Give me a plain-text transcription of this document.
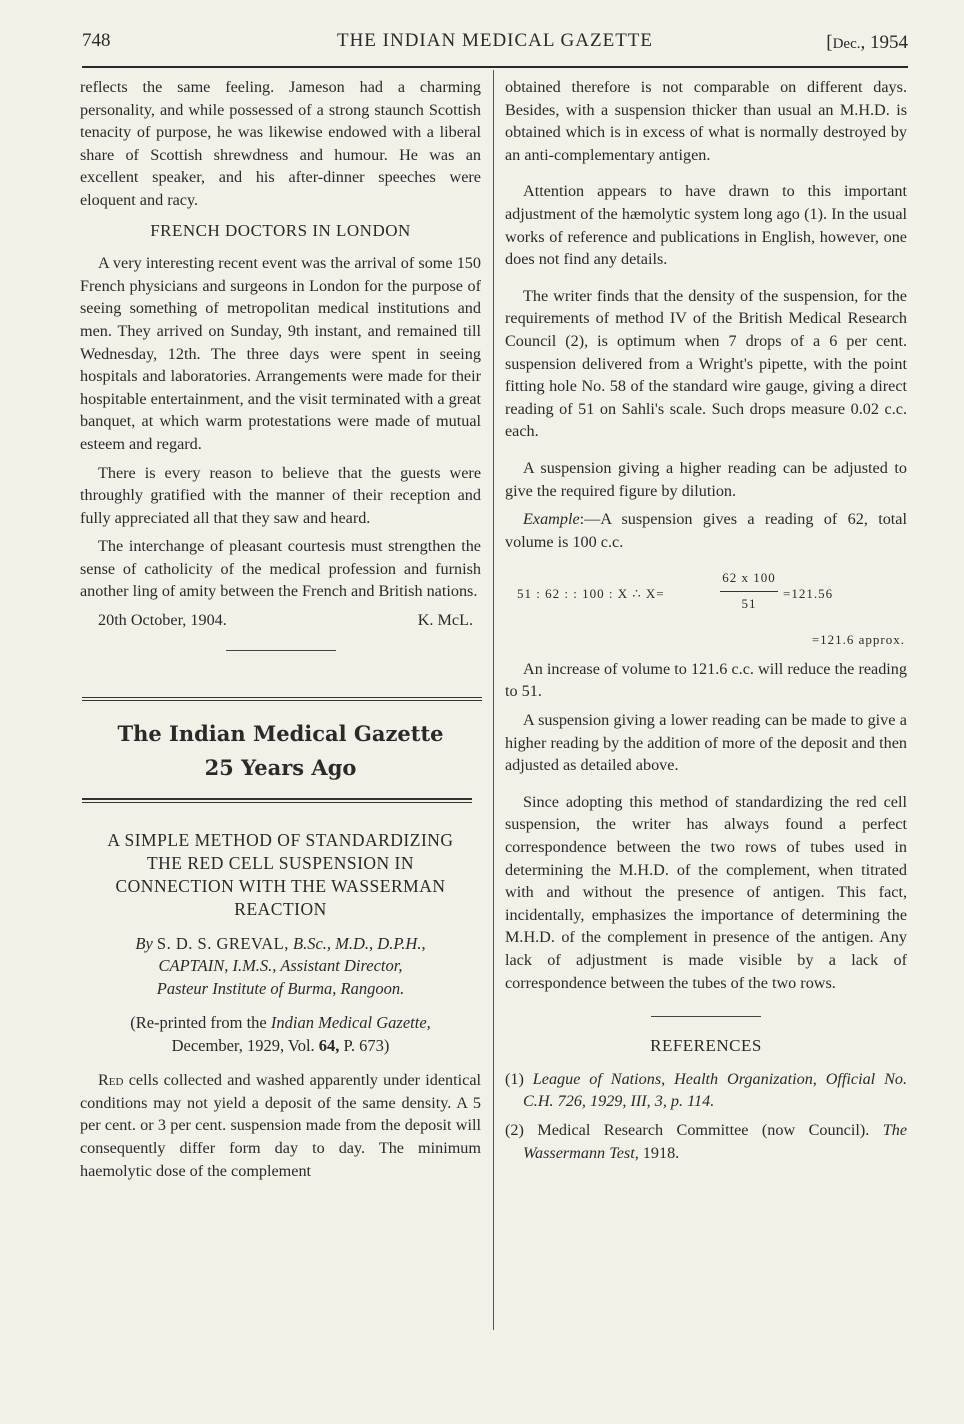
748	THE INDIAN MEDICAL GAZETTE	[Dec., 1954

reflects the same feeling. Jameson had a charming personality, and while possessed of a strong staunch Scottish tenacity of purpose, he was likewise endowed with a liberal share of Scottish shrewdness and humour. He was an excellent speaker, and his after-dinner speeches were eloquent and racy.

FRENCH DOCTORS IN LONDON

A very interesting recent event was the arrival of some 150 French physicians and surgeons in London for the purpose of seeing something of metropolitan medical institutions and men. They arrived on Sunday, 9th instant, and remained till Wednesday, 12th. The three days were spent in seeing hospitals and laboratories. Arrangements were made for their hospitable entertainment, and the visit terminated with a great banquet, at which warm protestations were made of mutual esteem and regard.

There is every reason to believe that the guests were throughly gratified with the manner of their reception and fully appreciated all that they saw and heard.

The interchange of pleasant courtesis must strengthen the sense of catholicity of the medical profession and furnish another ling of amity between the French and British nations.

20th October, 1904.	K. McL.
The Indian Medical Gazette
25 Years Ago
A SIMPLE METHOD OF STANDARDIZING THE RED CELL SUSPENSION IN CONNECTION WITH THE WASSERMAN REACTION
By S. D. S. GREVAL, B.Sc., M.D., D.P.H.,
CAPTAIN, I.M.S., Assistant Director,
Pasteur Institute of Burma, Rangoon.
(Re-printed from the Indian Medical Gazette,
December, 1929, Vol. 64, P. 673)

Red cells collected and washed apparently under identical conditions may not yield a deposit of the same density. A 5 per cent. or 3 per cent. suspension made from the deposit will consequently differ form day to day. The minimum haemolytic dose of the complement

obtained therefore is not comparable on different days. Besides, with a suspension thicker than usual an M.H.D. is obtained which is in excess of what is normally destroyed by an anti-complementary antigen.

Attention appears to have drawn to this important adjustment of the hæmolytic system long ago (1). In the usual works of reference and publications in English, however, one does not find any details.

The writer finds that the density of the suspension, for the requirements of method IV of the British Medical Research Council (2), is optimum when 7 drops of a 6 per cent. suspension delivered from a Wright's pipette, with the point fitting hole No. 58 of the standard wire gauge, giving a direct reading of 51 on Sahli's scale. Such drops measure 0.02 c.c. each.

A suspension giving a higher reading can be adjusted to give the required figure by dilution.

Example:—A suspension gives a reading of 62, total volume is 100 c.c.

51 : 62 : : 100 : X ∴ X=	$\frac{62 x 100}{51} =121.56$
=121.6 approx.

An increase of volume to 121.6 c.c. will reduce the reading to 51.

A suspension giving a lower reading can be made to give a higher reading by the addition of more of the deposit and then adjusted as detailed above.

Since adopting this method of standardizing the red cell suspension, the writer has always found a perfect correspondence between the two rows of tubes used in determining the M.H.D. of the complement, when titrated with and without the presence of antigen. This fact, incidentally, emphasizes the importance of determining the M.H.D. of the complement in presence of the antigen. Any lack of adjustment is made visible by a lack of correspondence between the tubes of the two rows.

REFERENCES

(1) League of Nations, Health Organization, Official No. C.H. 726, 1929, III, 3, p. 114.

(2) Medical Research Committee (now Council). The Wassermann Test, 1918.
